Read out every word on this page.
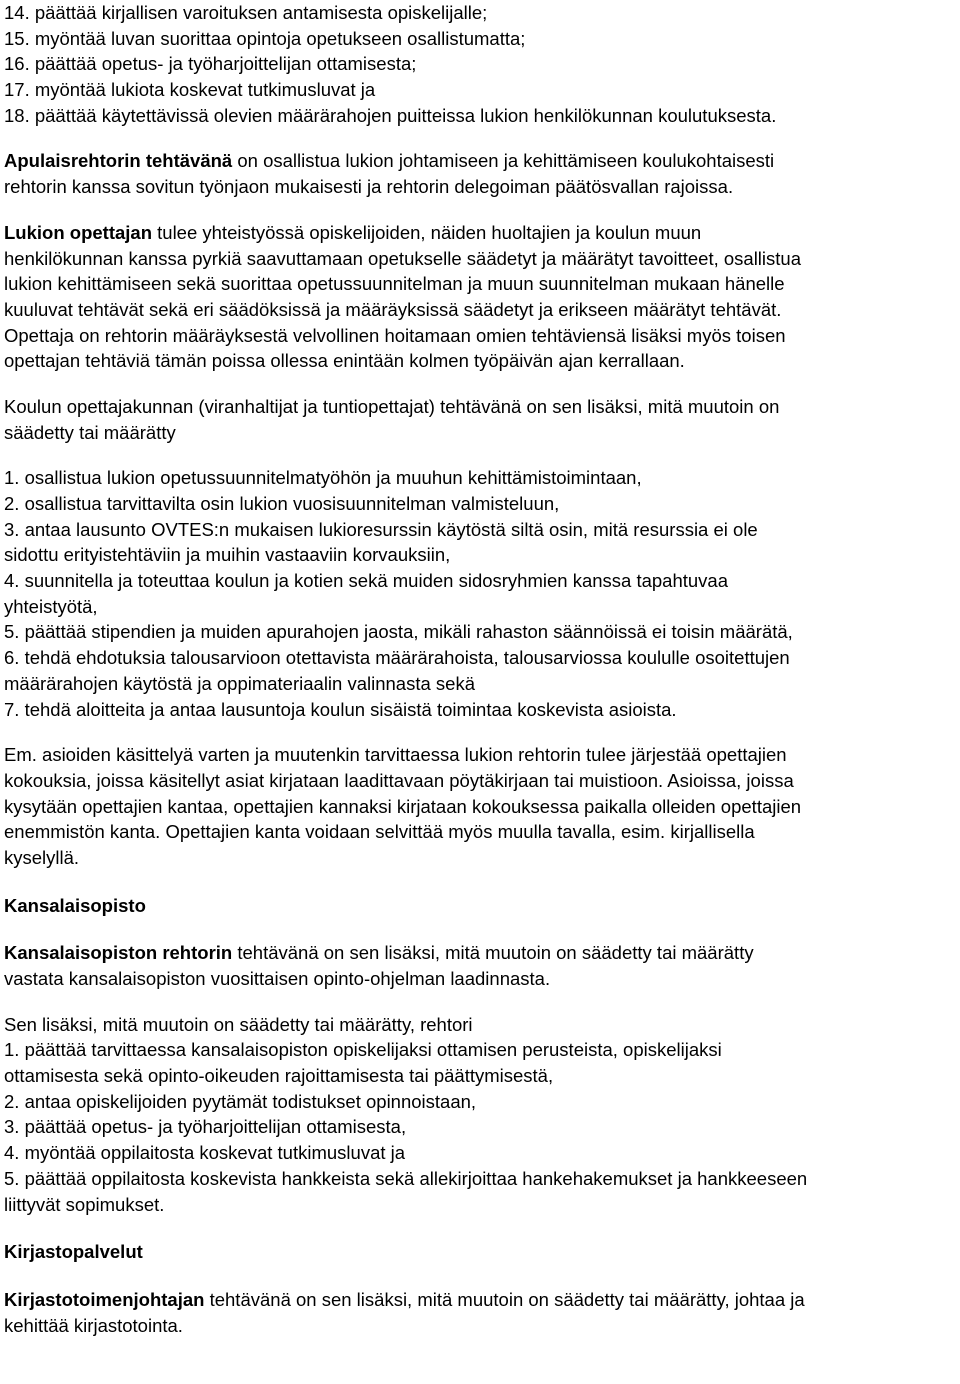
14. päättää kirjallisen varoituksen antamisesta opiskelijalle;
15. myöntää luvan suorittaa opintoja opetukseen osallistumatta;
16. päättää opetus- ja työharjoittelijan ottamisesta;
17. myöntää lukiota koskevat tutkimusluvat ja
18. päättää käytettävissä olevien määrärahojen puitteissa lukion henkilökunnan koulutuksesta.
Apulaisrehtorin tehtävänä on osallistua lukion johtamiseen ja kehittämiseen koulukohtaisesti
rehtorin kanssa sovitun työnjaon mukaisesti ja rehtorin delegoiman päätösvallan rajoissa.
Lukion opettajan tulee yhteistyössä opiskelijoiden, näiden huoltajien ja koulun muun
henkilökunnan kanssa pyrkiä saavuttamaan opetukselle säädetyt ja määrätyt tavoitteet, osallistua
lukion kehittämiseen sekä suorittaa opetussuunnitelman ja muun suunnitelman mukaan hänelle
kuuluvat tehtävät sekä eri säädöksissä ja määräyksissä säädetyt ja erikseen määrätyt tehtävät.
Opettaja on rehtorin määräyksestä velvollinen hoitamaan omien tehtäviensä lisäksi myös toisen
opettajan tehtäviä tämän poissa ollessa enintään kolmen työpäivän ajan kerrallaan.
Koulun opettajakunnan (viranhaltijat ja tuntiopettajat) tehtävänä on sen lisäksi, mitä muutoin on
säädetty tai määrätty
1. osallistua lukion opetussuunnitelmatyöhön ja muuhun kehittämistoimintaan,
2. osallistua tarvittavilta osin lukion vuosisuunnitelman valmisteluun,
3. antaa lausunto OVTES:n mukaisen lukioresurssin käytöstä siltä osin, mitä resurssia ei ole
sidottu erityistehtäviin ja muihin vastaaviin korvauksiin,
4. suunnitella ja toteuttaa koulun ja kotien sekä muiden sidosryhmien kanssa tapahtuvaa
yhteistyötä,
5. päättää stipendien ja muiden apurahojen jaosta, mikäli rahaston säännöissä ei toisin määrätä,
6. tehdä ehdotuksia talousarvioon otettavista määrärahoista, talousarviossa koululle osoitettujen
määrärahojen käytöstä ja oppimateriaalin valinnasta sekä
7. tehdä aloitteita ja antaa lausuntoja koulun sisäistä toimintaa koskevista asioista.
Em. asioiden käsittelyä varten ja muutenkin tarvittaessa lukion rehtorin tulee järjestää opettajien
kokouksia, joissa käsitellyt asiat kirjataan laadittavaan pöytäkirjaan tai muistioon. Asioissa, joissa
kysytään opettajien kantaa, opettajien kannaksi kirjataan kokouksessa paikalla olleiden opettajien
enemmistön kanta. Opettajien kanta voidaan selvittää myös muulla tavalla, esim. kirjallisella
kyselyllä.
Kansalaisopisto
Kansalaisopiston rehtorin tehtävänä on sen lisäksi, mitä muutoin on säädetty tai määrätty
vastata kansalaisopiston vuosittaisen opinto-ohjelman laadinnasta.
Sen lisäksi, mitä muutoin on säädetty tai määrätty, rehtori
1. päättää tarvittaessa kansalaisopiston opiskelijaksi ottamisen perusteista, opiskelijaksi
ottamisesta sekä opinto-oikeuden rajoittamisesta tai päättymisestä,
2. antaa opiskelijoiden pyytämät todistukset opinnoistaan,
3. päättää opetus- ja työharjoittelijan ottamisesta,
4. myöntää oppilaitosta koskevat tutkimusluvat ja
5. päättää oppilaitosta koskevista hankkeista sekä allekirjoittaa hankehakemukset ja hankkeeseen
liittyvät sopimukset.
Kirjastopalvelut
Kirjastotoimenjohtajan tehtävänä on sen lisäksi, mitä muutoin on säädetty tai määrätty, johtaa ja
kehittää kirjastotointa.
